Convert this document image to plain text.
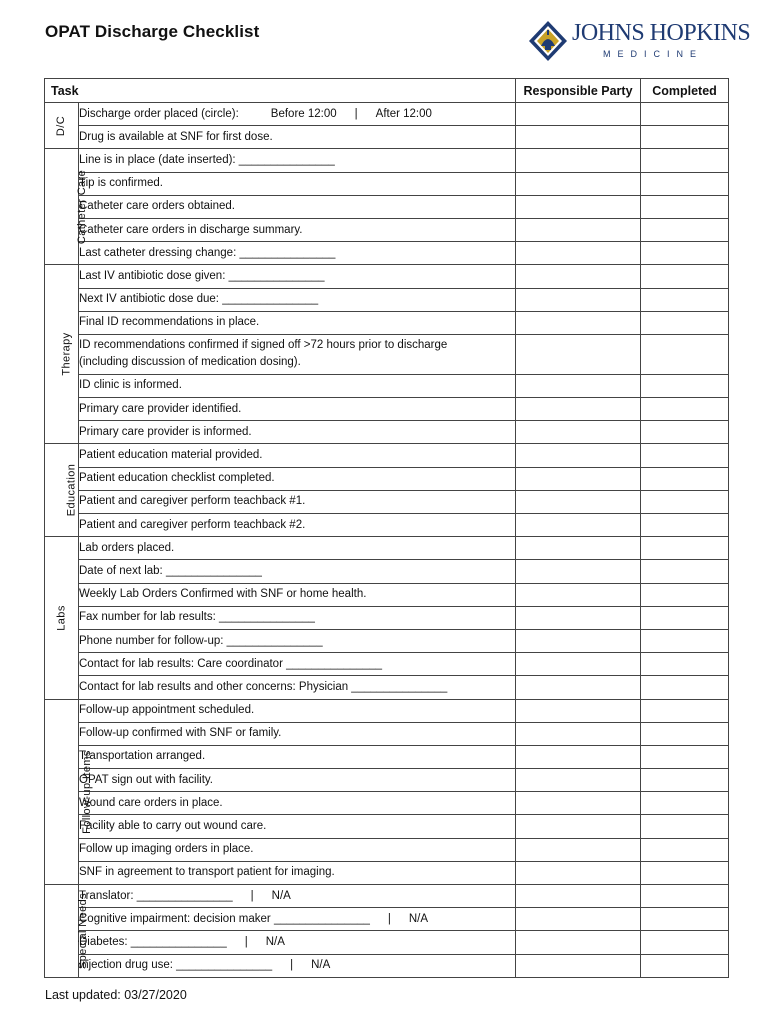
OPAT Discharge Checklist	JOHNS HOPKINS
MEDICINE
Task		Responsible Party	Completed
D/C	Discharge order placed (circle): Before 12:00 | After 12:00		
	Drug is available at SNF for first dose.		
Catheter Care	Line is in place (date inserted): _______________		
	Tip is confirmed.		
	Catheter care orders obtained.		
	Catheter care orders in discharge summary.		
	Last catheter dressing change: _______________		
Therapy	Last IV antibiotic dose given: _______________		
	Next IV antibiotic dose due: _______________		
	Final ID recommendations in place.		
	ID recommendations confirmed if signed off >72 hours prior to discharge
(including discussion of medication dosing).		
	ID clinic is informed.		
	Primary care provider identified.		
	Primary care provider is informed.		
Education	Patient education material provided.		
	Patient education checklist completed.		
	Patient and caregiver perform teachback #1.		
	Patient and caregiver perform teachback #2.		
Labs	Lab orders placed.		
	Date of next lab: _______________		
	Weekly Lab Orders Confirmed with SNF or home health.		
	Fax number for lab results: _______________		
	Phone number for follow-up: _______________		
	Contact for lab results: Care coordinator _______________		
	Contact for lab results and other concerns: Physician _______________		
Follow-up Items	Follow-up appointment scheduled.		
	Follow-up confirmed with SNF or family.		
	Transportation arranged.		
	OPAT sign out with facility.		
	Wound care orders in place.		
	Facility able to carry out wound care.		
	Follow up imaging orders in place.		
	SNF in agreement to transport patient for imaging.		
Special Needs	Translator: _______________ | N/A		
	Cognitive impairment: decision maker _______________ | N/A		
	Diabetes: _______________ | N/A		
	Injection drug use: _______________ | N/A		
Last updated: 03/27/2020
